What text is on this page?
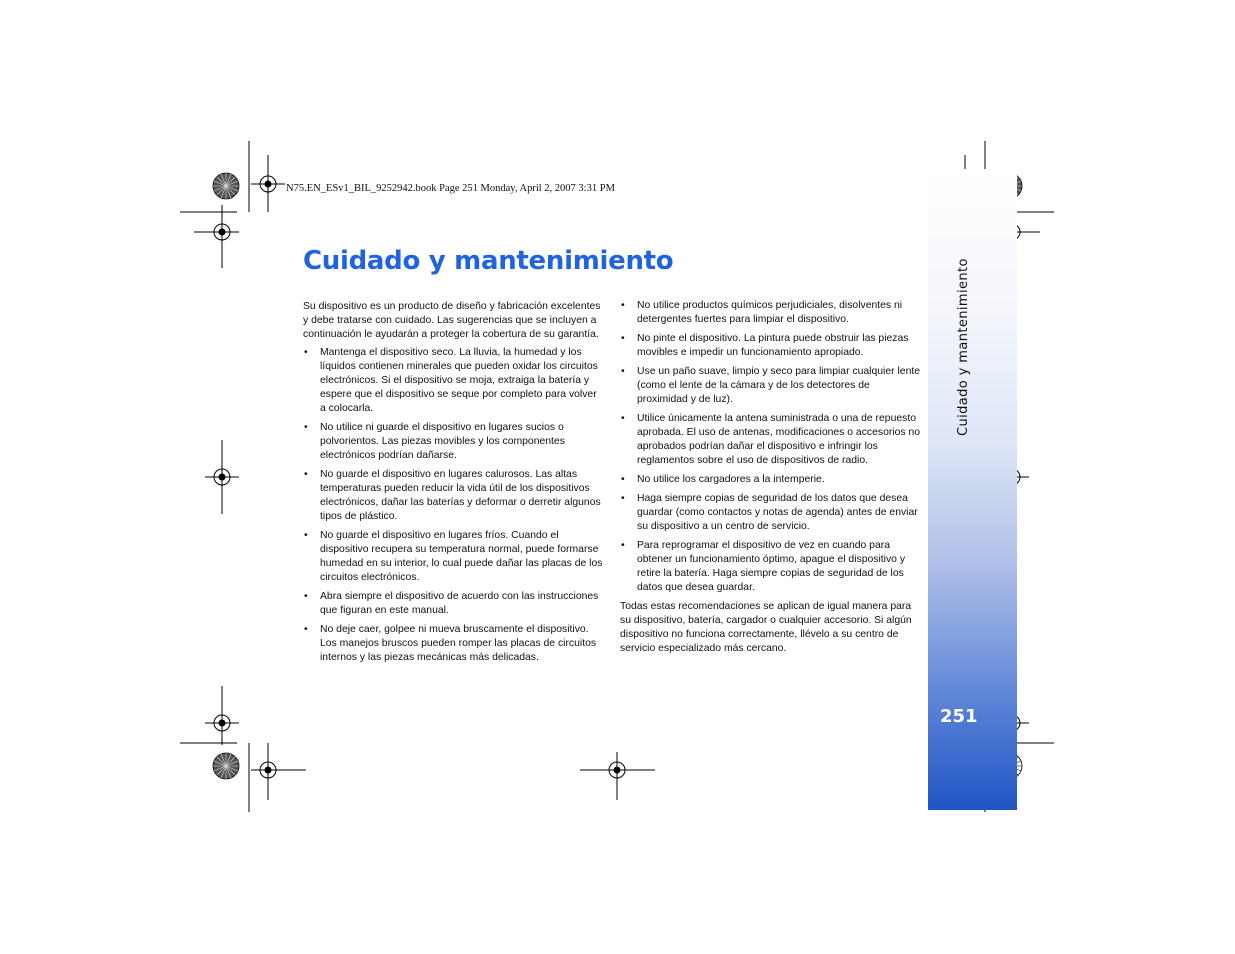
Cuidado y mantenimiento
251
N75.EN_ESv1_BIL_9252942.book Page 251 Monday, April 2, 2007 3:31 PM
Cuidado y mantenimiento

Su dispositivo es un producto de diseño y fabricación excelentes y debe tratarse con cuidado. Las sugerencias que se incluyen a continuación le ayudarán a proteger la cobertura de su garantía.

• Mantenga el dispositivo seco. La lluvia, la humedad y los líquidos contienen minerales que pueden oxidar los circuitos electrónicos. Si el dispositivo se moja, extraiga la batería y espere que el dispositivo se seque por completo para volver a colocarla.
• No utilice ni guarde el dispositivo en lugares sucios o polvorientos. Las piezas movibles y los componentes electrónicos podrían dañarse.
• No guarde el dispositivo en lugares calurosos. Las altas temperaturas pueden reducir la vida útil de los dispositivos electrónicos, dañar las baterías y deformar o derretir algunos tipos de plástico.
• No guarde el dispositivo en lugares fríos. Cuando el dispositivo recupera su temperatura normal, puede formarse humedad en su interior, lo cual puede dañar las placas de los circuitos electrónicos.
• Abra siempre el dispositivo de acuerdo con las instrucciones que figuran en este manual.
• No deje caer, golpee ni mueva bruscamente el dispositivo. Los manejos bruscos pueden romper las placas de circuitos internos y las piezas mecánicas más delicadas.
• No utilice productos químicos perjudiciales, disolventes ni detergentes fuertes para limpiar el dispositivo.
• No pinte el dispositivo. La pintura puede obstruir las piezas movibles e impedir un funcionamiento apropiado.
• Use un paño suave, limpio y seco para limpiar cualquier lente (como el lente de la cámara y de los detectores de proximidad y de luz).
• Utilice únicamente la antena suministrada o una de repuesto aprobada. El uso de antenas, modificaciones o accesorios no aprobados podrían dañar el dispositivo e infringir los reglamentos sobre el uso de dispositivos de radio.
• No utilice los cargadores a la intemperie.
• Haga siempre copias de seguridad de los datos que desea guardar (como contactos y notas de agenda) antes de enviar su dispositivo a un centro de servicio.
• Para reprogramar el dispositivo de vez en cuando para obtener un funcionamiento óptimo, apague el dispositivo y retire la batería. Haga siempre copias de seguridad de los datos que desea guardar.

Todas estas recomendaciones se aplican de igual manera para su dispositivo, batería, cargador o cualquier accesorio. Si algún dispositivo no funciona correctamente, llévelo a su centro de servicio especializado más cercano.
